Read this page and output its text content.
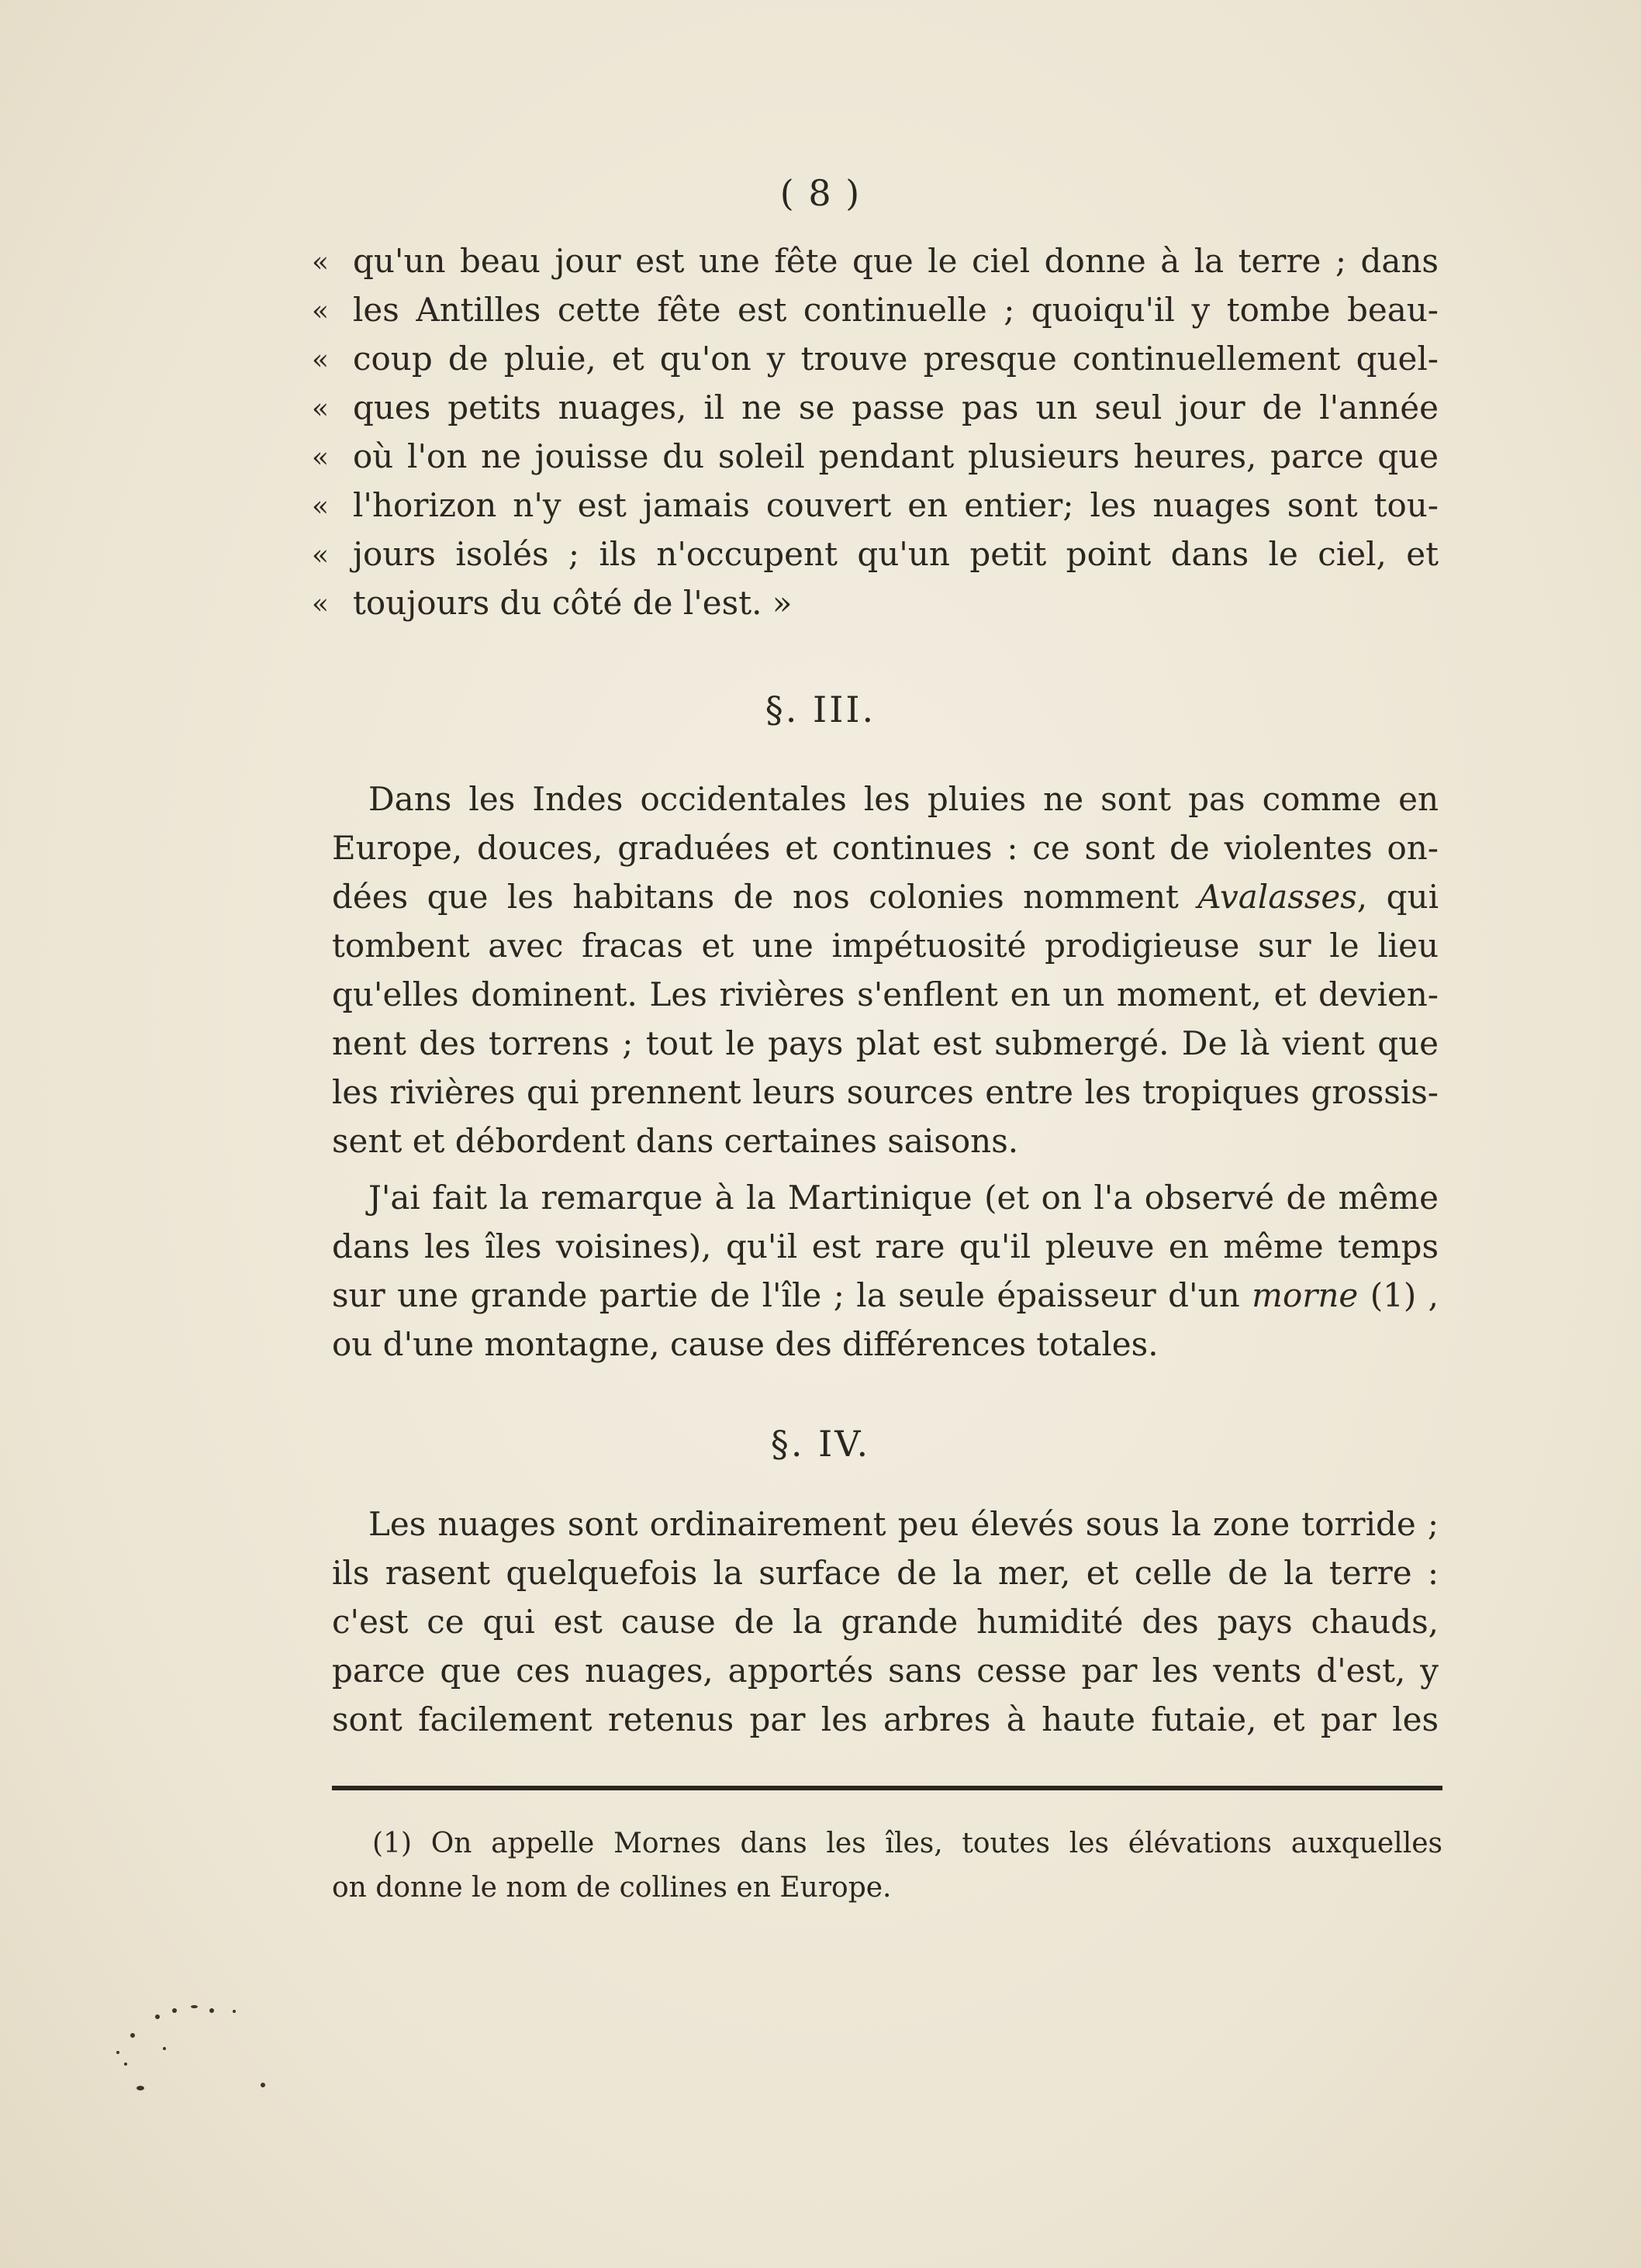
( 8 )
« qu'un beau jour est une fête que le ciel donne à la terre ; dans
« les Antilles cette fête est continuelle ; quoiqu'il y tombe beau-
« coup de pluie, et qu'on y trouve presque continuellement quel-
« ques petits nuages, il ne se passe pas un seul jour de l'année
« où l'on ne jouisse du soleil pendant plusieurs heures, parce que
« l'horizon n'y est jamais couvert en entier; les nuages sont tou-
« jours isolés ; ils n'occupent qu'un petit point dans le ciel, et
« toujours du côté de l'est. »
§. III.
Dans les Indes occidentales les pluies ne sont pas comme en
Europe, douces, graduées et continues : ce sont de violentes on-
dées que les habitans de nos colonies nomment Avalasses, qui
tombent avec fracas et une impétuosité prodigieuse sur le lieu
qu'elles dominent. Les rivières s'enflent en un moment, et devien-
nent des torrens ; tout le pays plat est submergé. De là vient que
les rivières qui prennent leurs sources entre les tropiques grossis-
sent et débordent dans certaines saisons.
J'ai fait la remarque à la Martinique (et on l'a observé de même
dans les îles voisines), qu'il est rare qu'il pleuve en même temps
sur une grande partie de l'île ; la seule épaisseur d'un morne (1) ,
ou d'une montagne, cause des différences totales.
§. IV.
Les nuages sont ordinairement peu élevés sous la zone torride ;
ils rasent quelquefois la surface de la mer, et celle de la terre :
c'est ce qui est cause de la grande humidité des pays chauds,
parce que ces nuages, apportés sans cesse par les vents d'est, y
sont facilement retenus par les arbres à haute futaie, et par les
(1) On appelle Mornes dans les îles, toutes les élévations auxquelles
on donne le nom de collines en Europe.
